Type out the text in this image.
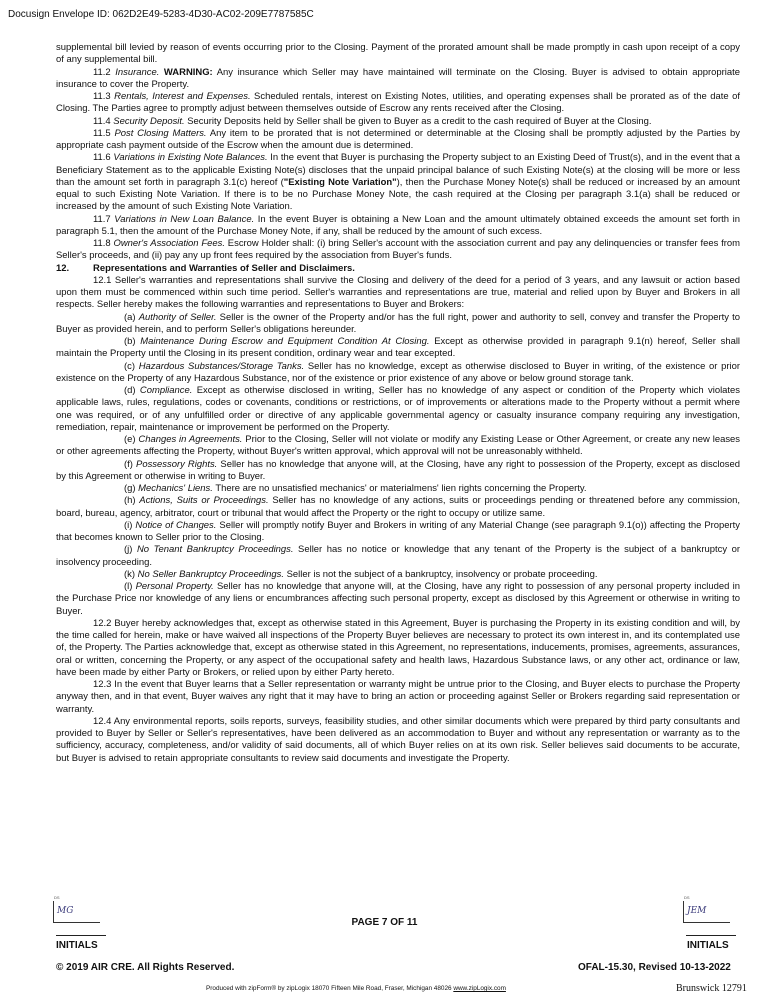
Docusign Envelope ID: 062D2E49-5283-4D30-AC02-209E7787585C

supplemental bill levied by reason of events occurring prior to the Closing. Payment of the prorated amount shall be made promptly in cash upon receipt of a copy of any supplemental bill.

11.2 Insurance. WARNING: Any insurance which Seller may have maintained will terminate on the Closing. Buyer is advised to obtain appropriate insurance to cover the Property.

11.3 Rentals, Interest and Expenses. Scheduled rentals, interest on Existing Notes, utilities, and operating expenses shall be prorated as of the date of Closing. The Parties agree to promptly adjust between themselves outside of Escrow any rents received after the Closing.

11.4 Security Deposit. Security Deposits held by Seller shall be given to Buyer as a credit to the cash required of Buyer at the Closing.

11.5 Post Closing Matters. Any item to be prorated that is not determined or determinable at the Closing shall be promptly adjusted by the Parties by appropriate cash payment outside of the Escrow when the amount due is determined.

11.6 Variations in Existing Note Balances. In the event that Buyer is purchasing the Property subject to an Existing Deed of Trust(s), and in the event that a Beneficiary Statement as to the applicable Existing Note(s) discloses that the unpaid principal balance of such Existing Note(s) at the closing will be more or less than the amount set forth in paragraph 3.1(c) hereof ("Existing Note Variation"), then the Purchase Money Note(s) shall be reduced or increased by an amount equal to such Existing Note Variation. If there is to be no Purchase Money Note, the cash required at the Closing per paragraph 3.1(a) shall be reduced or increased by the amount of such Existing Note Variation.

11.7 Variations in New Loan Balance. In the event Buyer is obtaining a New Loan and the amount ultimately obtained exceeds the amount set forth in paragraph 5.1, then the amount of the Purchase Money Note, if any, shall be reduced by the amount of such excess.

11.8 Owner's Association Fees. Escrow Holder shall: (i) bring Seller's account with the association current and pay any delinquencies or transfer fees from Seller's proceeds, and (ii) pay any up front fees required by the association from Buyer's funds.

12.	Representations and Warranties of Seller and Disclaimers.

12.1 Seller's warranties and representations shall survive the Closing and delivery of the deed for a period of 3 years, and any lawsuit or action based upon them must be commenced within such time period. Seller's warranties and representations are true, material and relied upon by Buyer and Brokers in all respects. Seller hereby makes the following warranties and representations to Buyer and Brokers:

(a) Authority of Seller. Seller is the owner of the Property and/or has the full right, power and authority to sell, convey and transfer the Property to Buyer as provided herein, and to perform Seller's obligations hereunder.

(b) Maintenance During Escrow and Equipment Condition At Closing. Except as otherwise provided in paragraph 9.1(n) hereof, Seller shall maintain the Property until the Closing in its present condition, ordinary wear and tear excepted.

(c) Hazardous Substances/Storage Tanks. Seller has no knowledge, except as otherwise disclosed to Buyer in writing, of the existence or prior existence on the Property of any Hazardous Substance, nor of the existence or prior existence of any above or below ground storage tank.

(d) Compliance. Except as otherwise disclosed in writing, Seller has no knowledge of any aspect or condition of the Property which violates applicable laws, rules, regulations, codes or covenants, conditions or restrictions, or of improvements or alterations made to the Property without a permit where one was required, or of any unfulfilled order or directive of any applicable governmental agency or casualty insurance company requiring any investigation, remediation, repair, maintenance or improvement be performed on the Property.

(e) Changes in Agreements. Prior to the Closing, Seller will not violate or modify any Existing Lease or Other Agreement, or create any new leases or other agreements affecting the Property, without Buyer's written approval, which approval will not be unreasonably withheld.

(f) Possessory Rights. Seller has no knowledge that anyone will, at the Closing, have any right to possession of the Property, except as disclosed by this Agreement or otherwise in writing to Buyer.

(g) Mechanics' Liens. There are no unsatisfied mechanics' or materialmens' lien rights concerning the Property.

(h) Actions, Suits or Proceedings. Seller has no knowledge of any actions, suits or proceedings pending or threatened before any commission, board, bureau, agency, arbitrator, court or tribunal that would affect the Property or the right to occupy or utilize same.

(i) Notice of Changes. Seller will promptly notify Buyer and Brokers in writing of any Material Change (see paragraph 9.1(o)) affecting the Property that becomes known to Seller prior to the Closing.

(j) No Tenant Bankruptcy Proceedings. Seller has no notice or knowledge that any tenant of the Property is the subject of a bankruptcy or insolvency proceeding.

(k) No Seller Bankruptcy Proceedings. Seller is not the subject of a bankruptcy, insolvency or probate proceeding.

(l) Personal Property. Seller has no knowledge that anyone will, at the Closing, have any right to possession of any personal property included in the Purchase Price nor knowledge of any liens or encumbrances affecting such personal property, except as disclosed by this Agreement or otherwise in writing to Buyer.

12.2 Buyer hereby acknowledges that, except as otherwise stated in this Agreement, Buyer is purchasing the Property in its existing condition and will, by the time called for herein, make or have waived all inspections of the Property Buyer believes are necessary to protect its own interest in, and its contemplated use of, the Property. The Parties acknowledge that, except as otherwise stated in this Agreement, no representations, inducements, promises, agreements, assurances, oral or written, concerning the Property, or any aspect of the occupational safety and health laws, Hazardous Substance laws, or any other act, ordinance or law, have been made by either Party or Brokers, or relied upon by either Party hereto.

12.3 In the event that Buyer learns that a Seller representation or warranty might be untrue prior to the Closing, and Buyer elects to purchase the Property anyway then, and in that event, Buyer waives any right that it may have to bring an action or proceeding against Seller or Brokers regarding said representation or warranty.

12.4 Any environmental reports, soils reports, surveys, feasibility studies, and other similar documents which were prepared by third party consultants and provided to Buyer by Seller or Seller's representatives, have been delivered as an accommodation to Buyer and without any representation or warranty as to the sufficiency, accuracy, completeness, and/or validity of said documents, all of which Buyer relies on at its own risk. Seller believes said documents to be accurate, but Buyer is advised to retain appropriate consultants to review said documents and investigate the Property.

DS
MG
INITIALS
PAGE 7 OF 11
DS
JEM
INITIALS
© 2019 AIR CRE. All Rights Reserved.	OFAL-15.30, Revised 10-13-2022
Produced with zipForm® by zipLogix 18070 Fifteen Mile Road, Fraser, Michigan 48026 www.zipLogix.com	Brunswick 12791
